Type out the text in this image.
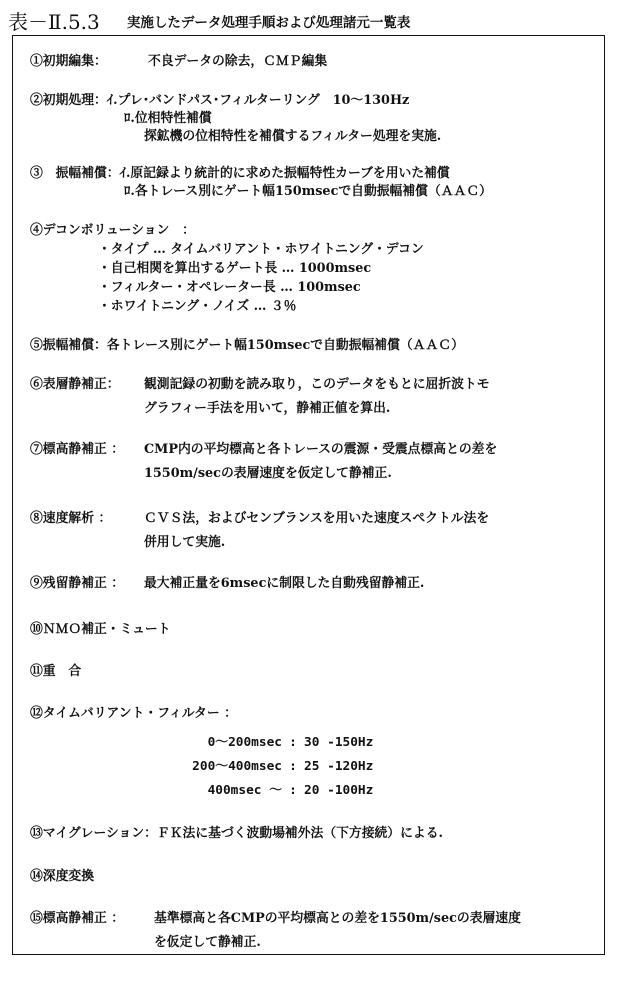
表－Ⅱ.5.3 実施したデータ処理手順および処理諸元一覧表
①初期編集：	不良データの除去，ＣＭＰ編集
②初期処理：ｲ.プレ･バンドパス･フィルターリング　10～130Hz
ﾛ.位相特性補償
探鉱機の位相特性を補償するフィルター処理を実施.
③　振幅補償：ｲ.原記録より統計的に求めた振幅特性カーブを用いた補償
ﾛ.各トレース別にゲート幅150msecで自動振幅補償（ＡＡＣ）
④デコンボリューション　：
・タイプ … タイムバリアント・ホワイトニング・デコン
・自己相関を算出するゲート長 … 1000msec
・フィルター・オペレーター長 … 100msec
・ホワイトニング・ノイズ … ３％
⑤振幅補償：各トレース別にゲート幅150msecで自動振幅補償（ＡＡＣ）
⑥表層静補正： 観測記録の初動を読み取り，このデータをもとに屈折波トモ
グラフィー手法を用いて，静補正値を算出.
⑦標高静補正 ： CMP内の平均標高と各トレースの震源・受震点標高との差を
1550m/secの表層速度を仮定して静補正.
⑧速度解析 ：	ＣＶＳ法，およびセンブランスを用いた速度スペクトル法を
併用して実施.
⑨残留静補正 ： 最大補正量を6msecに制限した自動残留静補正.
⑩ＮＭＯ補正・ミュート
⑪重　合
⑫タイムバリアント・フィルター ：
0～200msec : 30 -150Hz
200～400msec : 25 -120Hz
400msec ～ : 20 -100Hz
⑬マイグレーション：ＦＫ法に基づく波動場補外法（下方接続）による.
⑭深度変換
⑮標高静補正 ： 基準標高と各CMPの平均標高との差を1550m/secの表層速度
を仮定して静補正.
